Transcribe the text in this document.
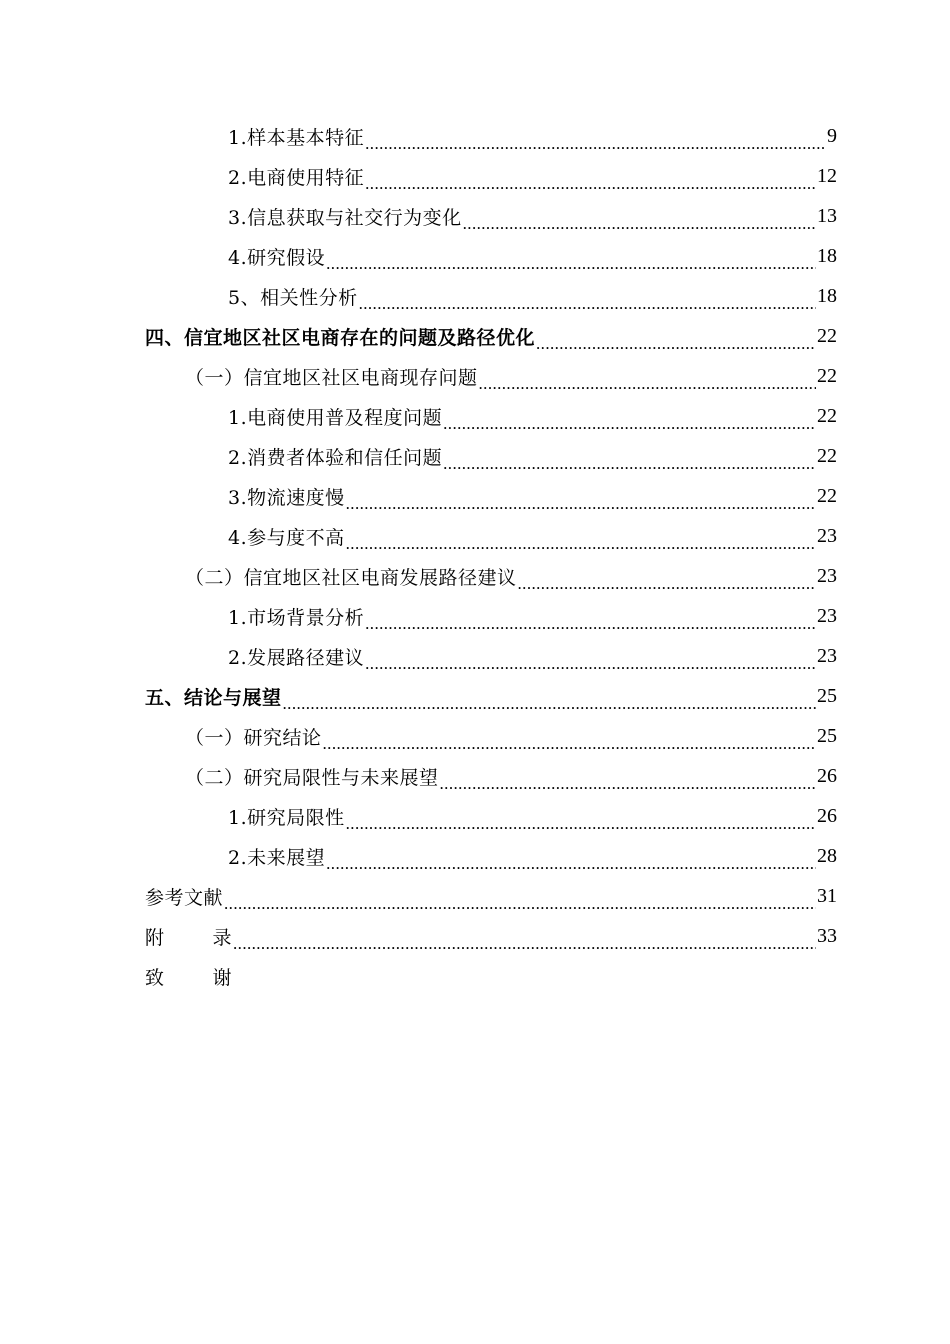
1.样本基本特征 .....	9
2.电商使用特征 .....	12
3.信息获取与社交行为变化 .....	13
4.研究假设 .....	18
5、相关性分析 .....	18
四、信宜地区社区电商存在的问题及路径优化 .....	22
（一）信宜地区社区电商现存问题 .....	22
1.电商使用普及程度问题 .....	22
2.消费者体验和信任问题 .....	22
3.物流速度慢 .....	22
4.参与度不高 .....	23
（二）信宜地区社区电商发展路径建议 .....	23
1.市场背景分析 .....	23
2.发展路径建议 .....	23
五、结论与展望 .....	25
（一）研究结论 .....	25
（二）研究局限性与未来展望 .....	26
1.研究局限性 .....	26
2.未来展望 .....	28
参考文献 .....	31
附	录 .....	33
致	谢
